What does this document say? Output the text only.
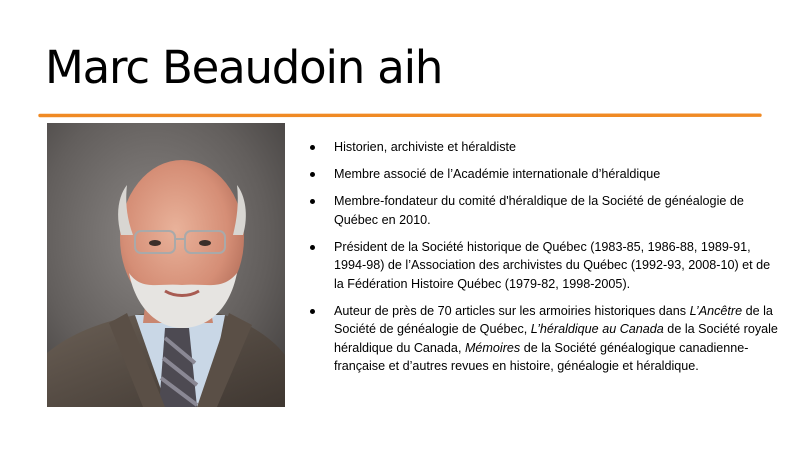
Marc Beaudoin aih
Historien, archiviste et héraldiste
Membre associé de l’Académie internationale d’héraldique
Membre-fondateur du comité d'héraldique de la Société de généalogie de Québec en 2010.
Président de la Société historique de Québec (1983-85, 1986-88, 1989-91, 1994-98) de l’Association des archivistes du Québec (1992-93, 2008-10) et de la Fédération Histoire Québec (1979-82, 1998-2005).
Auteur de près de 70 articles sur les armoiries historiques dans L’Ancêtre de la Société de généalogie de Québec, L’héraldique au Canada de la Société royale héraldique du Canada, Mémoires de la Société généalogique canadienne-française et d’autres revues en histoire, généalogie et héraldique.
